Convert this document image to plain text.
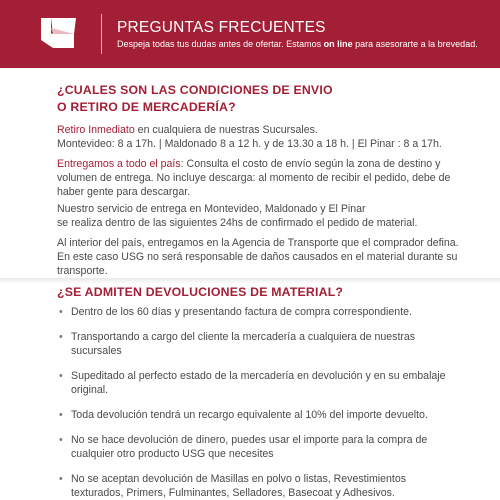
PREGUNTAS FRECUENTES
Despeja todas tus dudas antes de ofertar. Estamos on line para asesorarte a la brevedad.

¿CUALES SON LAS CONDICIONES DE ENVIO
O RETIRO DE MERCADERÍA?

Retiro Inmediato en cualquiera de nuestras Sucursales.
Montevideo: 8 a 17h. | Maldonado 8 a 12 h. y de 13.30 a 18 h. | El Pinar : 8 a 17h.

Entregamos a todo el país: Consulta el costo de envío según la zona de destino y volumen de entrega. No incluye descarga: al momento de recibir el pedido, debe de haber gente para descargar.

Nuestro servicio de entrega en Montevideo, Maldonado y El Pinar
se realiza dentro de las siguientes 24hs de confirmado el pedido de material.

Al interior del país, entregamos en la Agencia de Transporte que el comprador defina. En este caso USG no será responsable de daños causados en el material durante su transporte.

¿SE ADMITEN DEVOLUCIONES DE MATERIAL?

• Dentro de los 60 días y presentando factura de compra correspondiente.
• Transportando a cargo del cliente la mercadería a cualquiera de nuestras sucursales
• Supeditado al perfecto estado de la mercadería en devolución y en su embalaje original.
• Toda devolución tendrá un recargo equivalente al 10% del importe devuelto.
• No se hace devolución de dinero, puedes usar el importe para la compra de cualquier otro producto USG que necesites
• No se aceptan devolución de Masillas en polvo o listas, Revestimientos texturados, Primers, Fulminantes, Selladores, Basecoat y Adhesivos.
